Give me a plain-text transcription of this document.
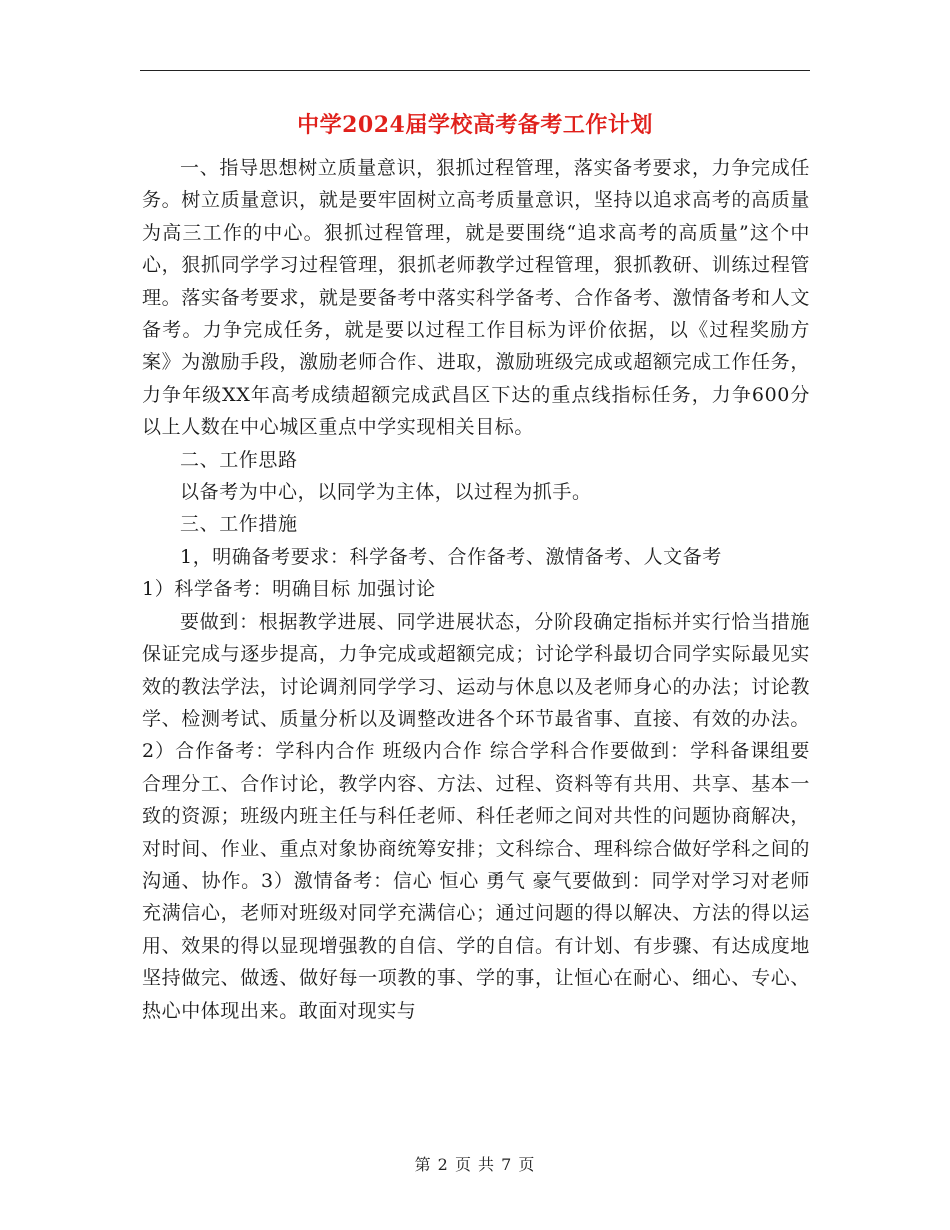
中学2024届学校高考备考工作计划

一、指导思想树立质量意识，狠抓过程管理，落实备考要求，力争完成任务。树立质量意识，就是要牢固树立高考质量意识，坚持以追求高考的高质量为高三工作的中心。狠抓过程管理，就是要围绕“追求高考的高质量”这个中心，狠抓同学学习过程管理，狠抓老师教学过程管理，狠抓教研、训练过程管理。落实备考要求，就是要备考中落实科学备考、合作备考、激情备考和人文备考。力争完成任务，就是要以过程工作目标为评价依据，以《过程奖励方案》为激励手段，激励老师合作、进取，激励班级完成或超额完成工作任务，力争年级XX年高考成绩超额完成武昌区下达的重点线指标任务，力争600分以上人数在中心城区重点中学实现相关目标。

二、工作思路

以备考为中心，以同学为主体，以过程为抓手。

三、工作措施

1，明确备考要求：科学备考、合作备考、激情备考、人文备考

1）科学备考：明确目标 加强讨论

要做到：根据教学进展、同学进展状态，分阶段确定指标并实行恰当措施保证完成与逐步提高，力争完成或超额完成；讨论学科最切合同学实际最见实效的教法学法，讨论调剂同学学习、运动与休息以及老师身心的办法；讨论教学、检测考试、质量分析以及调整改进各个环节最省事、直接、有效的办法。2）合作备考：学科内合作 班级内合作 综合学科合作要做到：学科备课组要合理分工、合作讨论，教学内容、方法、过程、资料等有共用、共享、基本一致的资源；班级内班主任与科任老师、科任老师之间对共性的问题协商解决，对时间、作业、重点对象协商统筹安排；文科综合、理科综合做好学科之间的沟通、协作。3）激情备考：信心 恒心 勇气 豪气要做到：同学对学习对老师充满信心，老师对班级对同学充满信心；通过问题的得以解决、方法的得以运用、效果的得以显现增强教的自信、学的自信。有计划、有步骤、有达成度地坚持做完、做透、做好每一项教的事、学的事，让恒心在耐心、细心、专心、热心中体现出来。敢面对现实与

第 2 页 共 7 页
